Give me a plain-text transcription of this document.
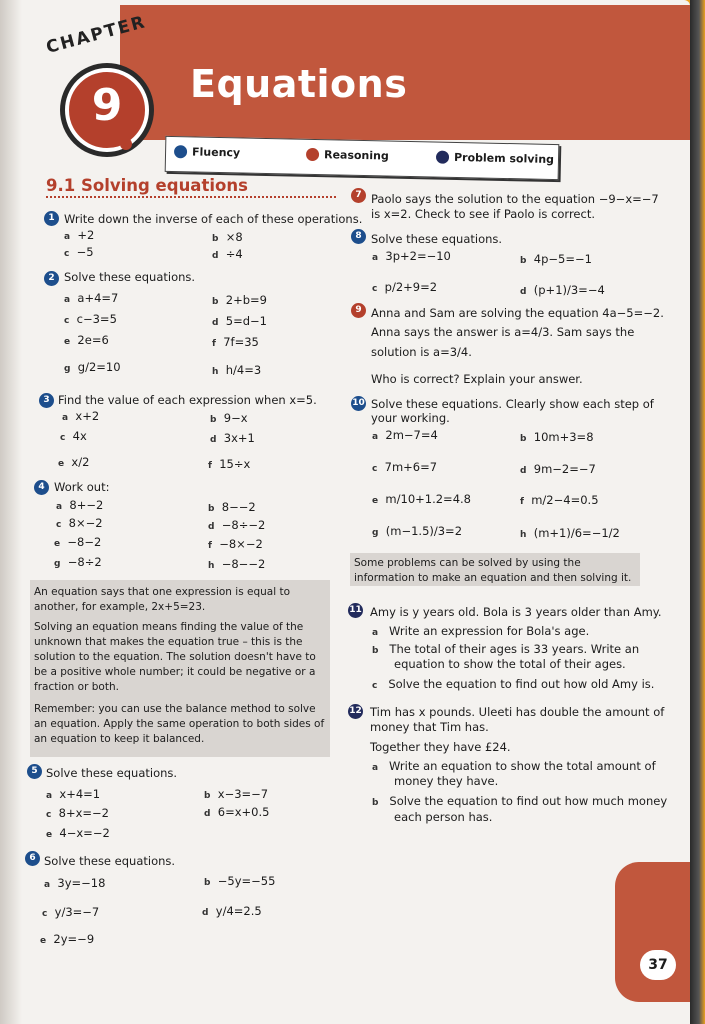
Equations
CHAPTER
9
Fluency	Reasoning	Problem solving
9.1 Solving equations
1 Write down the inverse of each of these operations.
a +2	b ×8
c −5	d ÷4
2 Solve these equations.
a a+4=7	b 2+b=9
c c−3=5	d 5=d−1
e 2e=6	f 7f=35
g g/2=10	h h/4=3
3 Find the value of each expression when x=5.
a x+2	b 9−x
c 4x	d 3x+1
e x/2	f 15÷x
4 Work out:
a 8+−2	b 8−−2
c 8×−2	d −8÷−2
e −8−2	f −8×−2
g −8÷2	h −8−−2
An equation says that one expression is equal to
another, for example, 2x+5=23.
Solving an equation means finding the value of the
unknown that makes the equation true – this is the
solution to the equation. The solution doesn't have to
be a positive whole number; it could be negative or a
fraction or both.
Remember: you can use the balance method to solve
an equation. Apply the same operation to both sides of
an equation to keep it balanced.
5 Solve these equations.
a x+4=1	b x−3=−7
c 8+x=−2	d 6=x+0.5
e 4−x=−2
6 Solve these equations.
a 3y=−18	b −5y=−55
c y/3=−7	d y/4=2.5
e 2y=−9
7 Paolo says the solution to the equation −9−x=−7
is x=2. Check to see if Paolo is correct.
8 Solve these equations.
a 3p+2=−10	b 4p−5=−1
c p/2+9=2	d (p+1)/3=−4
9 Anna and Sam are solving the equation 4a−5=−2.
Anna says the answer is a=4/3. Sam says the
solution is a=3/4.
Who is correct? Explain your answer.
10 Solve these equations. Clearly show each step of
your working.
a 2m−7=4	b 10m+3=8
c 7m+6=7	d 9m−2=−7
e m/10+1.2=4.8	f m/2−4=0.5
g (m−1.5)/3=2	h (m+1)/6=−1/2
Some problems can be solved by using the
information to make an equation and then solving it.
11 Amy is y years old. Bola is 3 years older than Amy.
a Write an expression for Bola's age.
b The total of their ages is 33 years. Write an
equation to show the total of their ages.
c Solve the equation to find out how old Amy is.
12 Tim has x pounds. Uleeti has double the amount of
money that Tim has.
Together they have £24.
a Write an equation to show the total amount of
money they have.
b Solve the equation to find out how much money
each person has.
37
